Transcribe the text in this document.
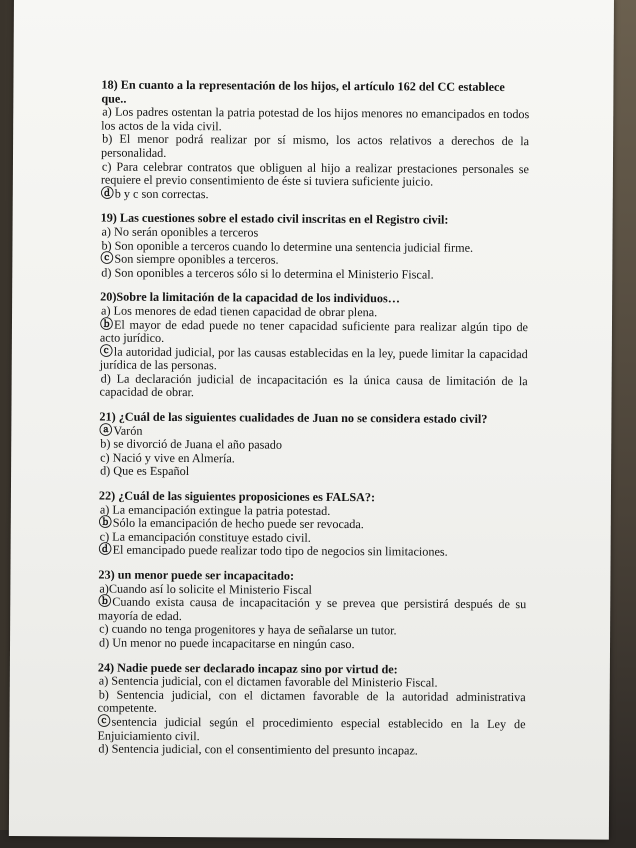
18) En cuanto a la representación de los hijos, el artículo 162 del CC establece que..

a) Los padres ostentan la patria potestad de los hijos menores no emancipados en todos los actos de la vida civil.

b) El menor podrá realizar por sí mismo, los actos relativos a derechos de la personalidad.

c) Para celebrar contratos que obliguen al hijo a realizar prestaciones personales se requiere el previo consentimiento de éste si tuviera suficiente juicio.

ⓓb y c son correctas.

19) Las cuestiones sobre el estado civil inscritas en el Registro civil:

a) No serán oponibles a terceros

b) Son oponible a terceros cuando lo determine una sentencia judicial firme.

ⓒSon siempre oponibles a terceros.

d) Son oponibles a terceros sólo si lo determina el Ministerio Fiscal.

20)Sobre la limitación de la capacidad de los individuos…

a) Los menores de edad tienen capacidad de obrar plena.

ⓑEl mayor de edad puede no tener capacidad suficiente para realizar algún tipo de acto jurídico.

ⓒla autoridad judicial, por las causas establecidas en la ley, puede limitar la capacidad jurídica de las personas.

d) La declaración judicial de incapacitación es la única causa de limitación de la capacidad de obrar.

21) ¿Cuál de las siguientes cualidades de Juan no se considera estado civil?

ⓐVarón

b) se divorció de Juana el año pasado

c) Nació y vive en Almería.

d) Que es Español

22) ¿Cuál de las siguientes proposiciones es FALSA?:

a) La emancipación extingue la patria potestad.

ⓑSólo la emancipación de hecho puede ser revocada.

c) La emancipación constituye estado civil.

ⓓEl emancipado puede realizar todo tipo de negocios sin limitaciones.

23) un menor puede ser incapacitado:

a)Cuando así lo solicite el Ministerio Fiscal

ⓑCuando exista causa de incapacitación y se prevea que persistirá después de su mayoría de edad.

c) cuando no tenga progenitores y haya de señalarse un tutor.

d) Un menor no puede incapacitarse en ningún caso.

24) Nadie puede ser declarado incapaz sino por virtud de:

a) Sentencia judicial, con el dictamen favorable del Ministerio Fiscal.

b) Sentencia judicial, con el dictamen favorable de la autoridad administrativa competente.

ⓒsentencia judicial según el procedimiento especial establecido en la Ley de Enjuiciamiento civil.

d) Sentencia judicial, con el consentimiento del presunto incapaz.
